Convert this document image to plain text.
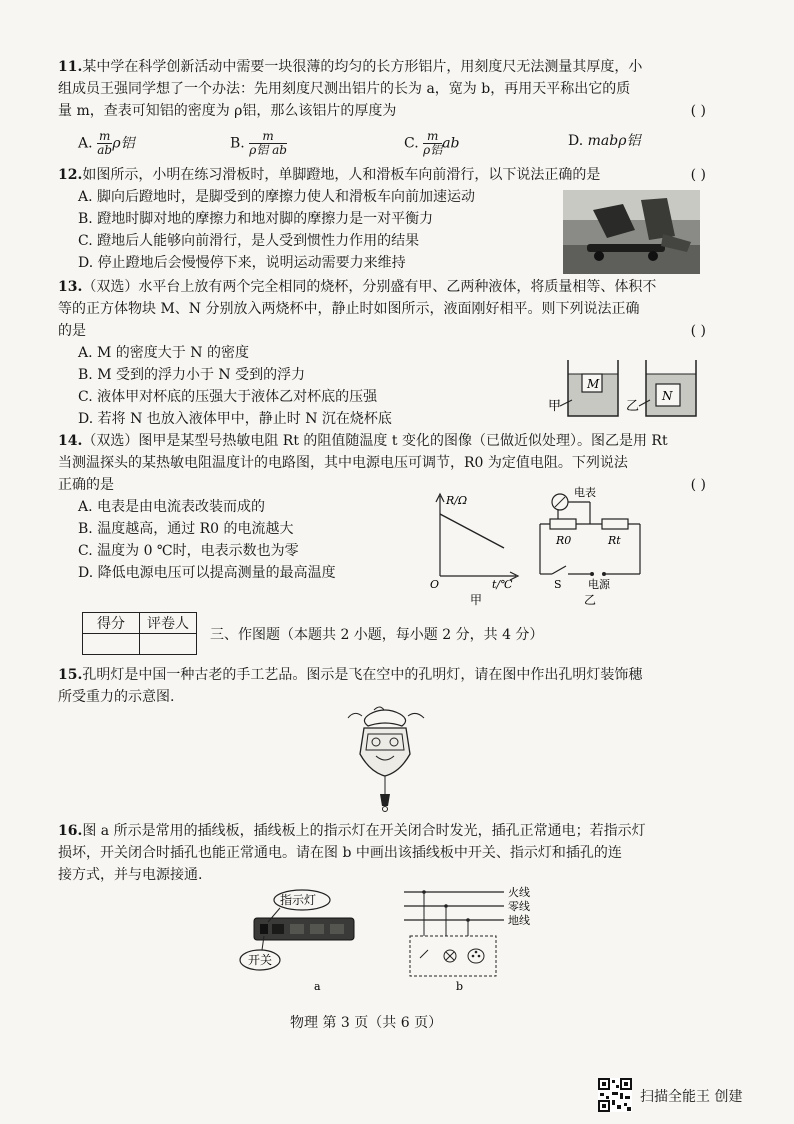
11.某中学在科学创新活动中需要一块很薄的均匀的长方形铝片，用刻度尺无法测量其厚度，小
组成员王强同学想了一个办法：先用刻度尺测出铝片的长为 a，宽为 b，再用天平称出它的质
量 m，查表可知铝的密度为 ρ铝，那么该铝片的厚度为	( )
A. $\frac{m}{ab}$ ρ铝	B. $\frac{m}{\text{ρ铝 ab}}$	C. $\frac{m}{\text{ρ铝}}$ ab	D. mabρ铝
12.如图所示，小明在练习滑板时，单脚蹬地，人和滑板车向前滑行，以下说法正确的是	( )
A. 脚向后蹬地时，是脚受到的摩擦力使人和滑板车向前加速运动
B. 蹬地时脚对地的摩擦力和地对脚的摩擦力是一对平衡力
C. 蹬地后人能够向前滑行，是人受到惯性力作用的结果
D. 停止蹬地后会慢慢停下来，说明运动需要力来维持
13.（双选）水平台上放有两个完全相同的烧杯，分别盛有甲、乙两种液体，将质量相等、体积不
等的正方体物块 M、N 分别放入两烧杯中，静止时如图所示，液面刚好相平。则下列说法正确
的是	( )
A. M 的密度大于 N 的密度
B. M 受到的浮力小于 N 受到的浮力
C. 液体甲对杯底的压强大于液体乙对杯底的压强
D. 若将 N 也放入液体甲中，静止时 N 沉在烧杯底
M
甲
N
乙
14.（双选）图甲是某型号热敏电阻 Rt 的阻值随温度 t 变化的图像（已做近似处理）。图乙是用 Rt
当测温探头的某热敏电阻温度计的电路图，其中电源电压可调节，R0 为定值电阻。下列说法
正确的是	( )
A. 电表是由电流表改装而成的
B. 温度越高，通过 R0 的电流越大
C. 温度为 0 ℃时，电表示数也为零
D. 降低电源电压可以提高测量的最高温度
R/Ω
t/℃
O
甲
电表
R0	Rt
S 电源
乙
得分	评卷人

三、作图题（本题共 2 小题，每小题 2 分，共 4 分）
15.孔明灯是中国一种古老的手工艺品。图示是飞在空中的孔明灯，请在图中作出孔明灯装饰穗
所受重力的示意图.
16.图 a 所示是常用的插线板，插线板上的指示灯在开关闭合时发光，插孔正常通电；若指示灯
损坏，开关闭合时插孔也能正常通电。请在图 b 中画出该插线板中开关、指示灯和插孔的连
接方式，并与电源接通.
指示灯
开关
a
火线
零线
地线
b
物理 第 3 页（共 6 页）
扫描全能王 创建
